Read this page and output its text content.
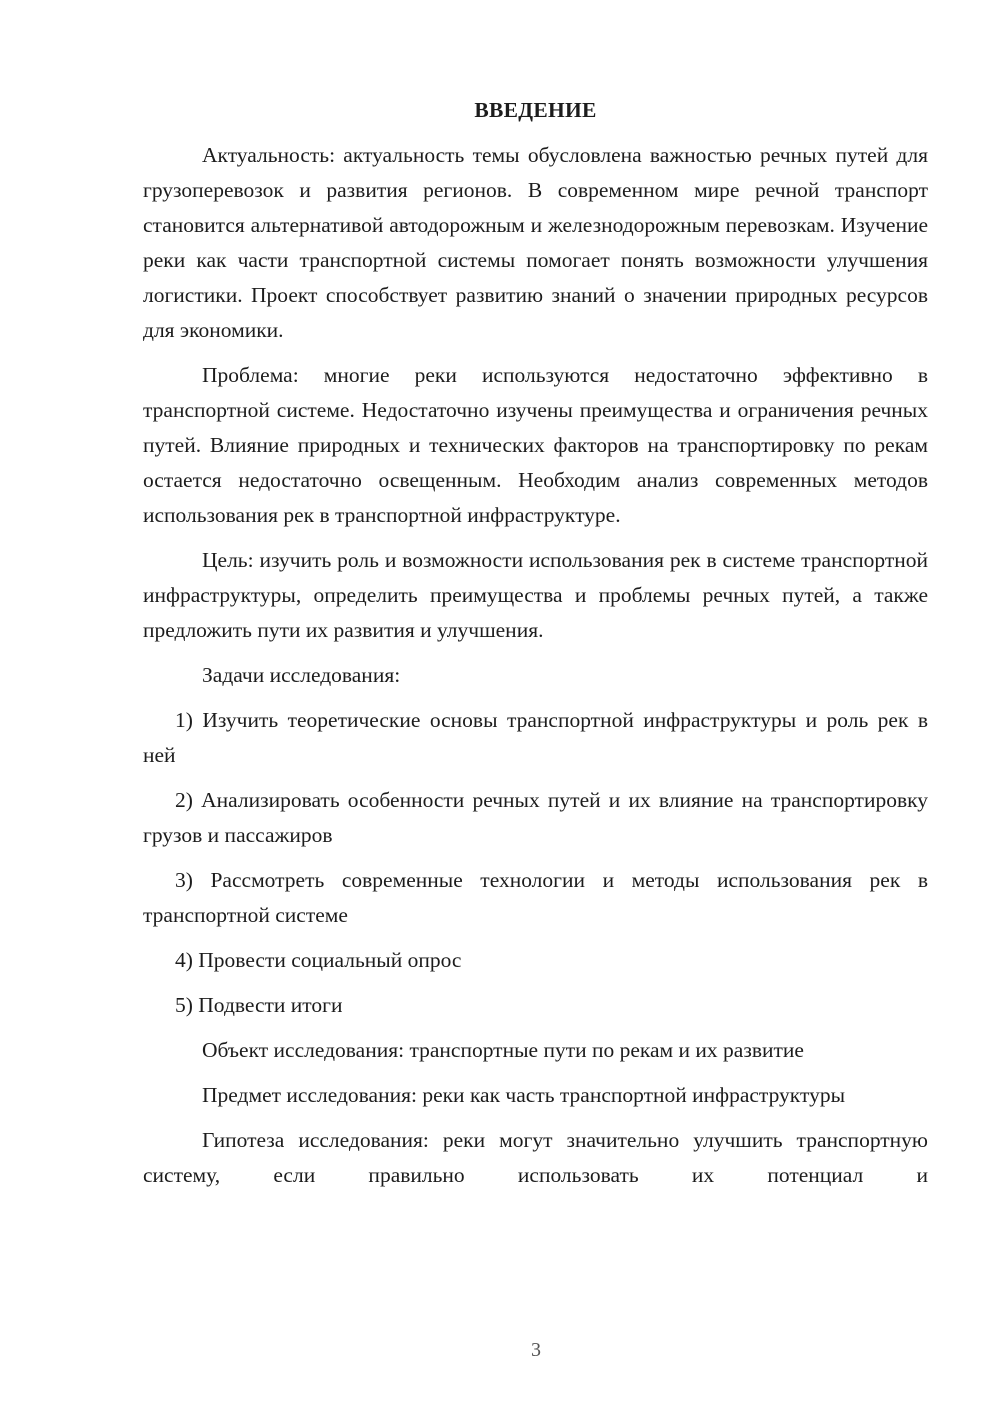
ВВЕДЕНИЕ

Актуальность: актуальность темы обусловлена важностью речных путей для грузоперевозок и развития регионов. В современном мире речной транспорт становится альтернативой автодорожным и железнодорожным перевозкам. Изучение реки как части транспортной системы помогает понять возможности улучшения логистики. Проект способствует развитию знаний о значении природных ресурсов для экономики.

Проблема: многие реки используются недостаточно эффективно в транспортной системе. Недостаточно изучены преимущества и ограничения речных путей. Влияние природных и технических факторов на транспортировку по рекам остается недостаточно освещенным. Необходим анализ современных методов использования рек в транспортной инфраструктуре.

Цель: изучить роль и возможности использования рек в системе транспортной инфраструктуры, определить преимущества и проблемы речных путей, а также предложить пути их развития и улучшения.

Задачи исследования:

1) Изучить теоретические основы транспортной инфраструктуры и роль рек в ней

2) Анализировать особенности речных путей и их влияние на транспортировку грузов и пассажиров

3) Рассмотреть современные технологии и методы использования рек в транспортной системе

4) Провести социальный опрос

5) Подвести итоги

Объект исследования: транспортные пути по рекам и их развитие

Предмет исследования: реки как часть транспортной инфраструктуры

Гипотеза исследования: реки могут значительно улучшить транспортную систему, если правильно использовать их потенциал и

3
